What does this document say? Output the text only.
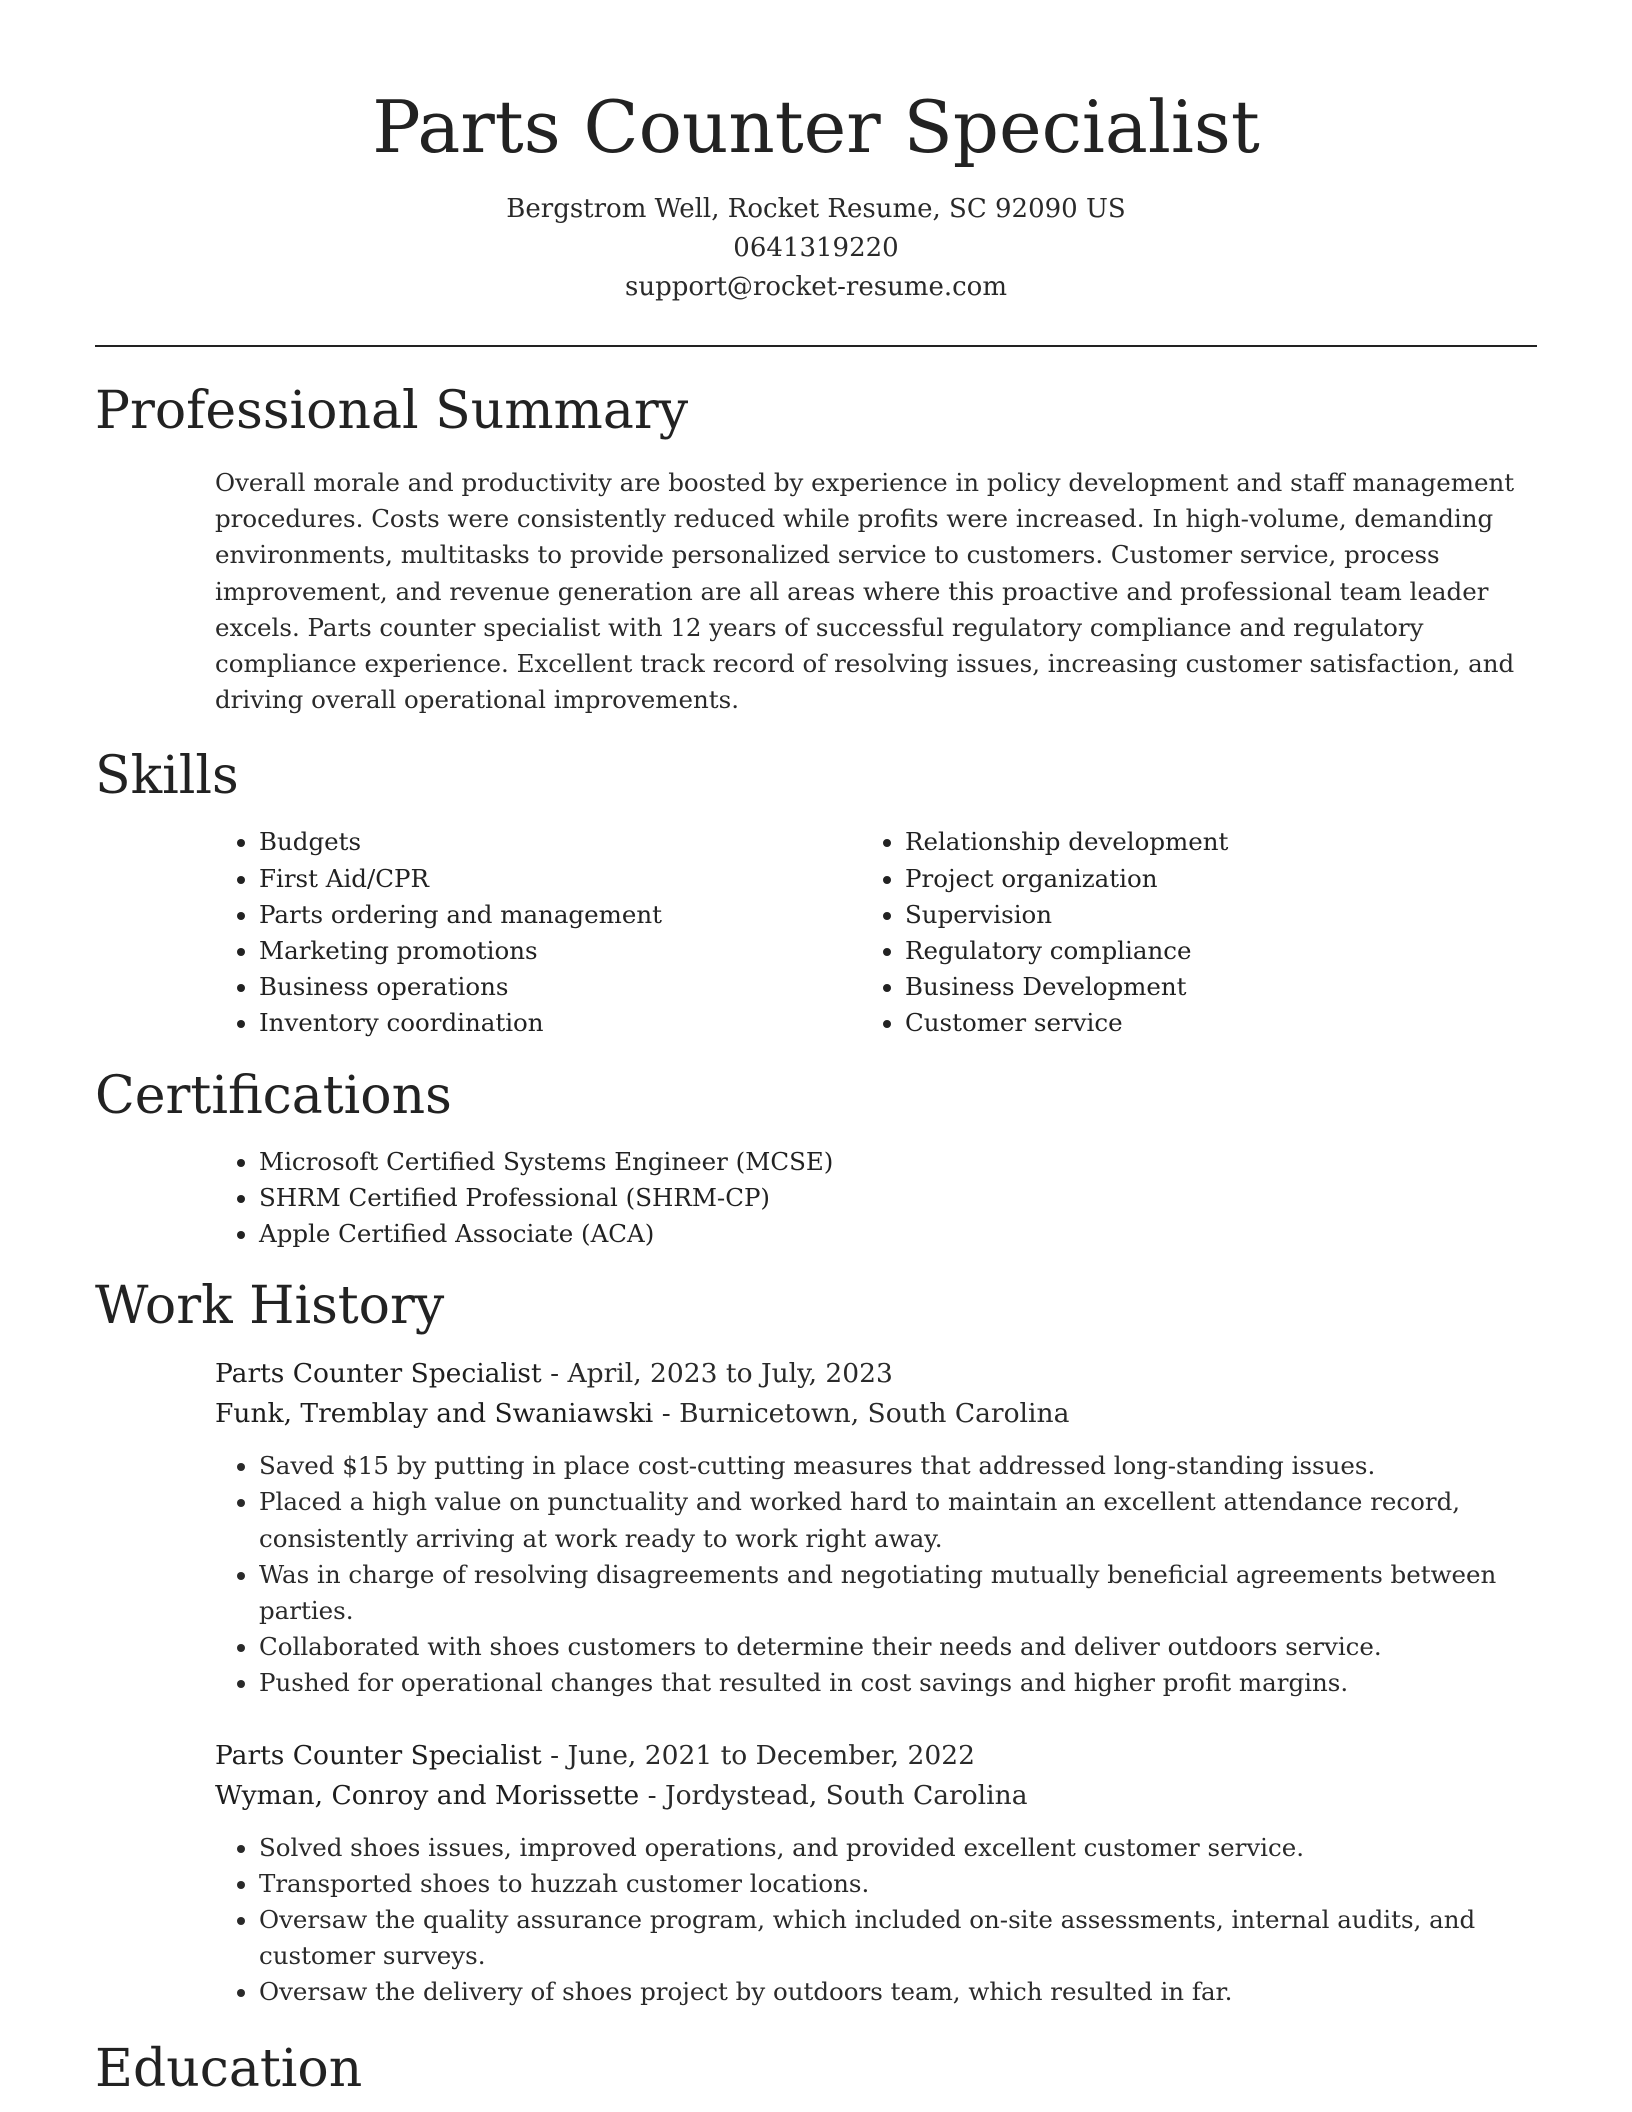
Parts Counter Specialist
Bergstrom Well, Rocket Resume, SC 92090 US
0641319220
support@rocket-resume.com
Professional Summary
Overall morale and productivity are boosted by experience in policy development and staff management procedures. Costs were consistently reduced while profits were increased. In high-volume, demanding environments, multitasks to provide personalized service to customers. Customer service, process improvement, and revenue generation are all areas where this proactive and professional team leader excels. Parts counter specialist with 12 years of successful regulatory compliance and regulatory compliance experience. Excellent track record of resolving issues, increasing customer satisfaction, and driving overall operational improvements.
Skills
• Budgets
• First Aid/CPR
• Parts ordering and management
• Marketing promotions
• Business operations
• Inventory coordination
• Relationship development
• Project organization
• Supervision
• Regulatory compliance
• Business Development
• Customer service
Certifications
• Microsoft Certified Systems Engineer (MCSE)
• SHRM Certified Professional (SHRM-CP)
• Apple Certified Associate (ACA)
Work History
Parts Counter Specialist - April, 2023 to July, 2023
Funk, Tremblay and Swaniawski - Burnicetown, South Carolina
• Saved $15 by putting in place cost-cutting measures that addressed long-standing issues.
• Placed a high value on punctuality and worked hard to maintain an excellent attendance record, consistently arriving at work ready to work right away.
• Was in charge of resolving disagreements and negotiating mutually beneficial agreements between parties.
• Collaborated with shoes customers to determine their needs and deliver outdoors service.
• Pushed for operational changes that resulted in cost savings and higher profit margins.
Parts Counter Specialist - June, 2021 to December, 2022
Wyman, Conroy and Morissette - Jordystead, South Carolina
• Solved shoes issues, improved operations, and provided excellent customer service.
• Transported shoes to huzzah customer locations.
• Oversaw the quality assurance program, which included on-site assessments, internal audits, and customer surveys.
• Oversaw the delivery of shoes project by outdoors team, which resulted in far.
Education
